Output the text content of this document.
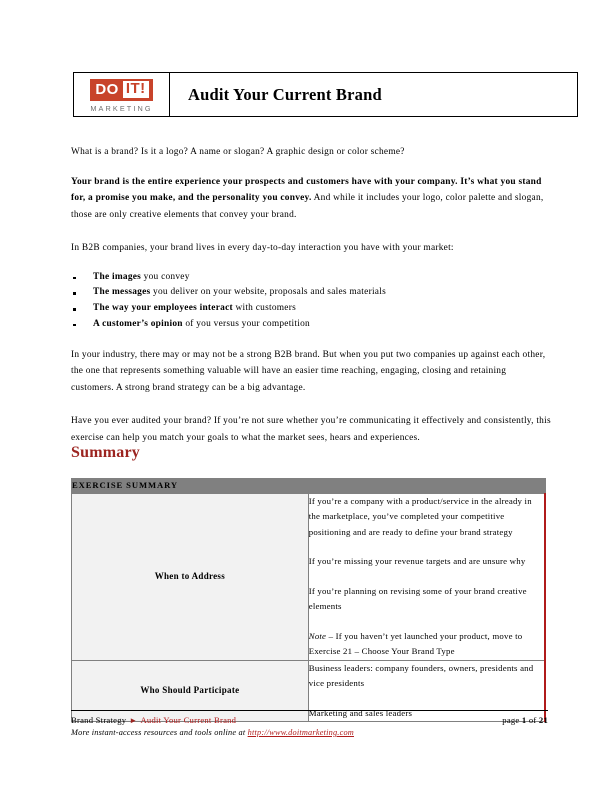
DO IT!
MARKETING
Audit Your Current Brand

What is a brand? Is it a logo? A name or slogan? A graphic design or color scheme?

Your brand is the entire experience your prospects and customers have with your company. It’s what you stand for, a promise you make, and the personality you convey. And while it includes your logo, color palette and slogan, those are only creative elements that convey your brand.

In B2B companies, your brand lives in every day-to-day interaction you have with your market:

The images you convey
The messages you deliver on your website, proposals and sales materials
The way your employees interact with customers
A customer’s opinion of you versus your competition

In your industry, there may or may not be a strong B2B brand. But when you put two companies up against each other, the one that represents something valuable will have an easier time reaching, engaging, closing and retaining customers. A strong brand strategy can be a big advantage.

Have you ever audited your brand? If you’re not sure whether you’re communicating it effectively and consistently, this exercise can help you match your goals to what the market sees, hears and experiences.

Summary
EXERCISE SUMMARY	
When to Address	If you’re a company with a product/service in the already in the marketplace, you’ve completed your competitive positioning and are ready to define your brand strategy
If you’re missing your revenue targets and are unsure why
If you’re planning on revising some of your brand creative elements
Note – If you haven’t yet launched your product, move to Exercise 21 – Choose Your Brand Type

Who Should Participate	Business leaders: company founders, owners, presidents and vice presidents
Marketing and sales leaders
Brand Strategy ► Audit Your Current Brand	page 1 of 21
More instant-access resources and tools online at http://www.doitmarketing.com
